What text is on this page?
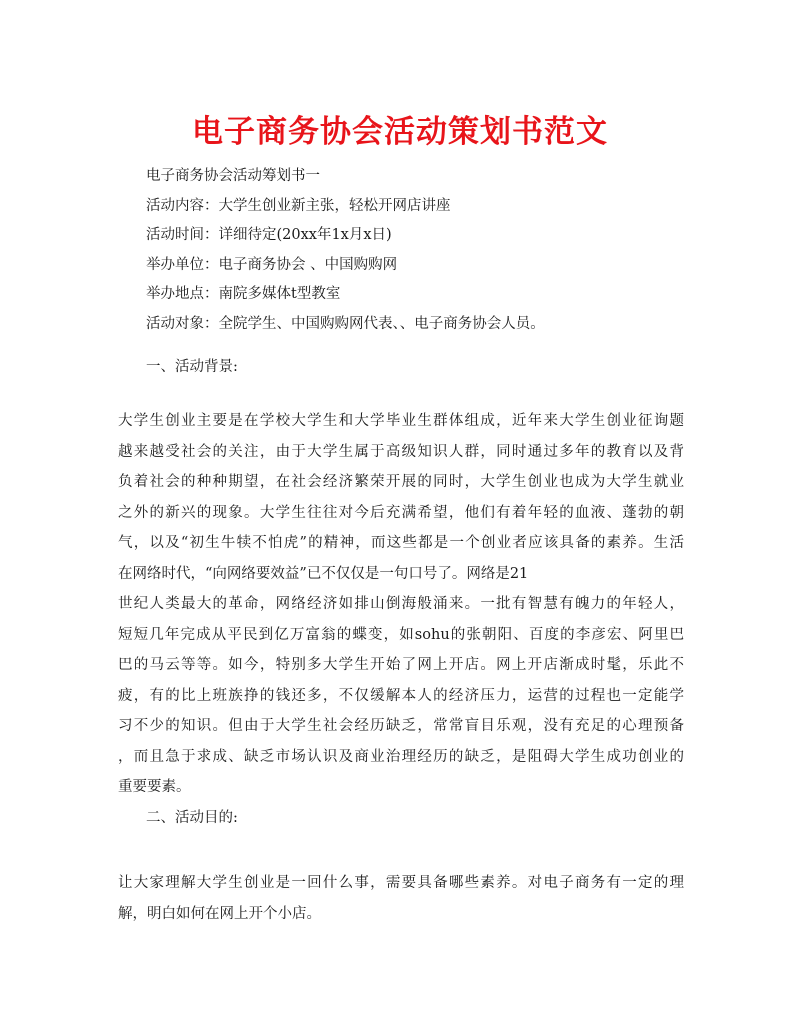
电子商务协会活动策划书范文
电子商务协会活动筹划书一
活动内容：大学生创业新主张，轻松开网店讲座
活动时间：详细待定(20xx年1x月x日)
举办单位：电子商务协会 、中国购购网
举办地点：南院多媒体t型教室
活动对象：全院学生、中国购购网代表、、电子商务协会人员。
一、活动背景:
大学生创业主要是在学校大学生和大学毕业生群体组成，近年来大学生创业征询题
越来越受社会的关注，由于大学生属于高级知识人群，同时通过多年的教育以及背
负着社会的种种期望，在社会经济繁荣开展的同时，大学生创业也成为大学生就业
之外的新兴的现象。大学生往往对今后充满希望，他们有着年轻的血液、蓬勃的朝
气，以及“初生牛犊不怕虎”的精神，而这些都是一个创业者应该具备的素养。生活
在网络时代，“向网络要效益”已不仅仅是一句口号了。网络是21
世纪人类最大的革命，网络经济如排山倒海般涌来。一批有智慧有魄力的年轻人，
短短几年完成从平民到亿万富翁的蝶变，如sohu的张朝阳、百度的李彦宏、阿里巴
巴的马云等等。如今，特别多大学生开始了网上开店。网上开店渐成时髦，乐此不
疲，有的比上班族挣的钱还多，不仅缓解本人的经济压力，运营的过程也一定能学
习不少的知识。但由于大学生社会经历缺乏，常常盲目乐观，没有充足的心理预备
，而且急于求成、缺乏市场认识及商业治理经历的缺乏，是阻碍大学生成功创业的
重要要素。
二、活动目的:
让大家理解大学生创业是一回什么事，需要具备哪些素养。对电子商务有一定的理
解，明白如何在网上开个小店。
